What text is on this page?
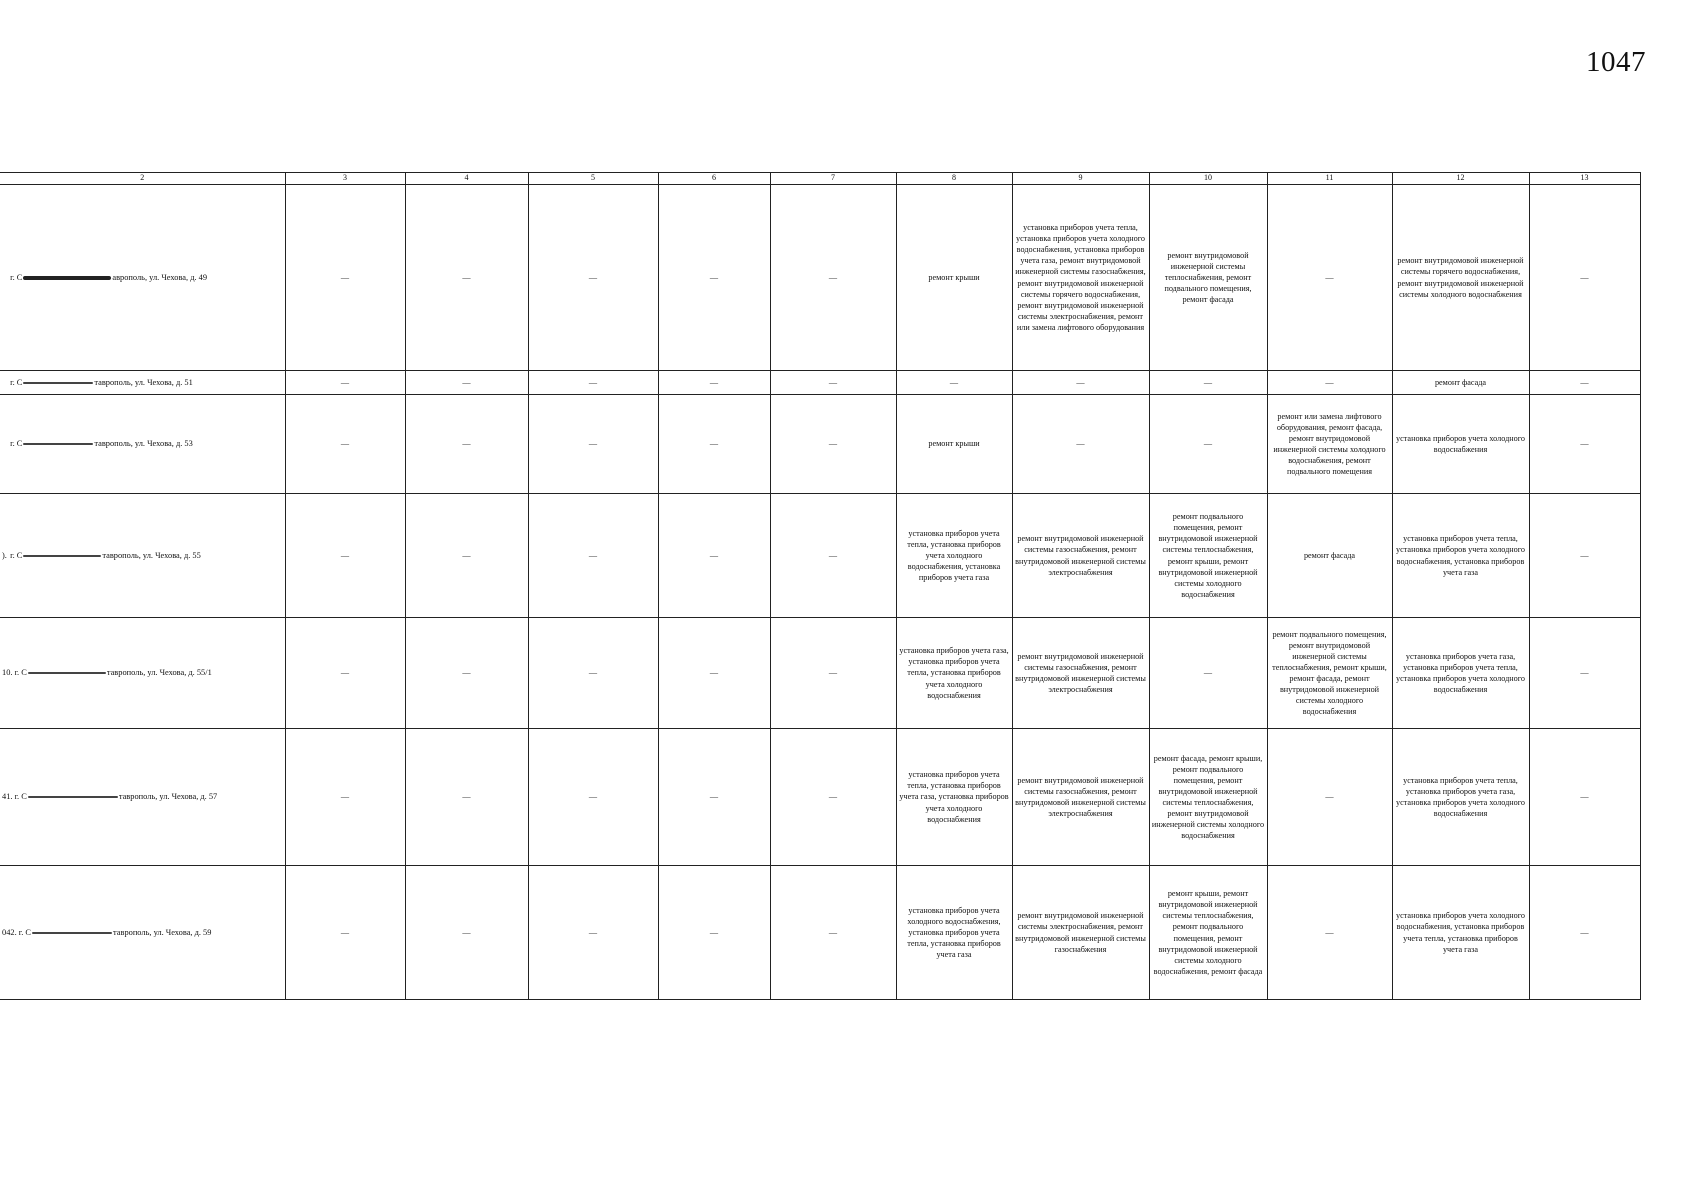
1047
2	3	4	5	6	7	8	9	10	11	12	13
г. С аврополь, ул. Чехова, д. 49	—	—	—	—	—	ремонт крыши	установка приборов учета тепла, установка приборов учета холодного водоснабжения, установка приборов учета газа, ремонт внутридомовой инженерной системы газоснабжения, ремонт внутридомовой инженерной системы горячего водоснабжения, ремонт внутридомовой инженерной системы электроснабжения, ремонт или замена лифтового оборудования	ремонт внутридомовой инженерной системы теплоснабжения, ремонт подвального помещения, ремонт фасада	—	ремонт внутридомовой инженерной системы горячего водоснабжения, ремонт внутридомовой инженерной системы холодного водоснабжения	—
г. С таврополь, ул. Чехова, д. 51	—	—	—	—	—	—	—	—	—	ремонт фасада	—
г. С таврополь, ул. Чехова, д. 53	—	—	—	—	—	ремонт крыши	—	—	ремонт или замена лифтового оборудования, ремонт фасада, ремонт внутридомовой инженерной системы холодного водоснабжения, ремонт подвального помещения	установка приборов учета холодного водоснабжения	—
). г. С таврополь, ул. Чехова, д. 55	—	—	—	—	—	установка приборов учета тепла, установка приборов учета холодного водоснабжения, установка приборов учета газа	ремонт внутридомовой инженерной системы газоснабжения, ремонт внутридомовой инженерной системы электроснабжения	ремонт подвального помещения, ремонт внутридомовой инженерной системы теплоснабжения, ремонт крыши, ремонт внутридомовой инженерной системы холодного водоснабжения	ремонт фасада	установка приборов учета тепла, установка приборов учета холодного водоснабжения, установка приборов учета газа	—
10. г. С таврополь, ул. Чехова, д. 55/1	—	—	—	—	—	установка приборов учета газа, установка приборов учета тепла, установка приборов учета холодного водоснабжения	ремонт внутридомовой инженерной системы газоснабжения, ремонт внутридомовой инженерной системы электроснабжения	—	ремонт подвального помещения, ремонт внутридомовой инженерной системы теплоснабжения, ремонт крыши, ремонт фасада, ремонт внутридомовой инженерной системы холодного водоснабжения	установка приборов учета газа, установка приборов учета тепла, установка приборов учета холодного водоснабжения	—
41. г. С таврополь, ул. Чехова, д. 57	—	—	—	—	—	установка приборов учета тепла, установка приборов учета газа, установка приборов учета холодного водоснабжения	ремонт внутридомовой инженерной системы газоснабжения, ремонт внутридомовой инженерной системы электроснабжения	ремонт фасада, ремонт крыши, ремонт подвального помещения, ремонт внутридомовой инженерной системы теплоснабжения, ремонт внутридомовой инженерной системы холодного водоснабжения	—	установка приборов учета тепла, установка приборов учета газа, установка приборов учета холодного водоснабжения	—
042. г. С таврополь, ул. Чехова, д. 59	—	—	—	—	—	установка приборов учета холодного водоснабжения, установка приборов учета тепла, установка приборов учета газа	ремонт внутридомовой инженерной системы электроснабжения, ремонт внутридомовой инженерной системы газоснабжения	ремонт крыши, ремонт внутридомовой инженерной системы теплоснабжения, ремонт подвального помещения, ремонт внутридомовой инженерной системы холодного водоснабжения, ремонт фасада	—	установка приборов учета холодного водоснабжения, установка приборов учета тепла, установка приборов учета газа	—
